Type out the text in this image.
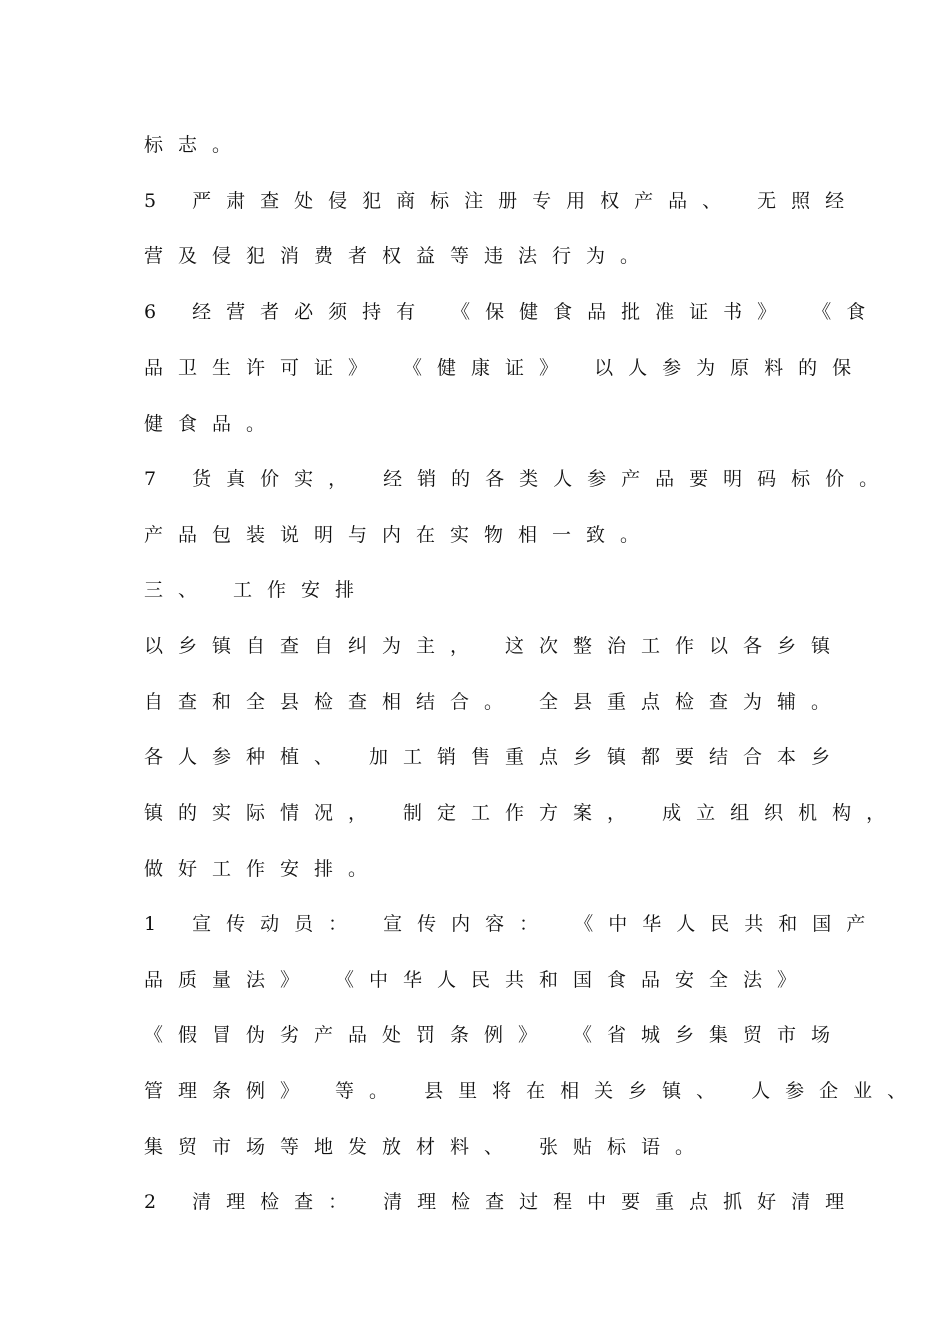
标志。
5 严肃查处侵犯商标注册专用权产品、 无照经
营及侵犯消费者权益等违法行为。
6 经营者必须持有 《保健食品批准证书》 《食
品卫生许可证》 《健康证》 以人参为原料的保
健食品。
7 货真价实， 经销的各类人参产品要明码标价。
产品包装说明与内在实物相一致。
三、 工作安排
以乡镇自查自纠为主， 这次整治工作以各乡镇
自查和全县检查相结合。 全县重点检查为辅。
各人参种植、 加工销售重点乡镇都要结合本乡
镇的实际情况， 制定工作方案， 成立组织机构，
做好工作安排。
1 宣传动员： 宣传内容： 《中华人民共和国产
品质量法》 《中华人民共和国食品安全法》
《假冒伪劣产品处罚条例》 《省城乡集贸市场
管理条例》 等。 县里将在相关乡镇、 人参企业、
集贸市场等地发放材料、 张贴标语。
2 清理检查： 清理检查过程中要重点抓好清理
